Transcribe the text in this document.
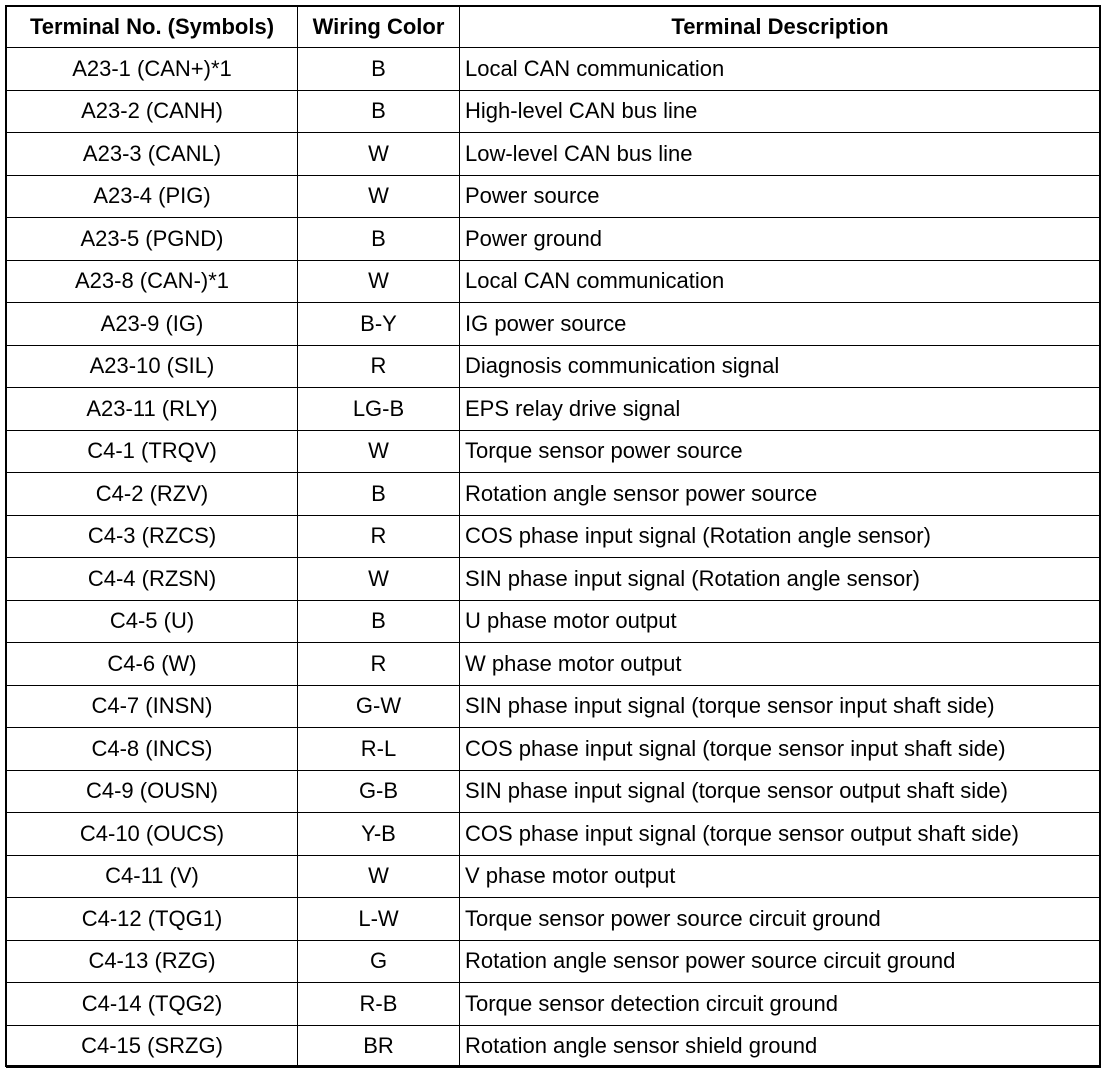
Terminal No. (Symbols)	Wiring Color	Terminal Description
A23-1 (CAN+)*1	B	Local CAN communication
A23-2 (CANH)	B	High-level CAN bus line
A23-3 (CANL)	W	Low-level CAN bus line
A23-4 (PIG)	W	Power source
A23-5 (PGND)	B	Power ground
A23-8 (CAN-)*1	W	Local CAN communication
A23-9 (IG)	B-Y	IG power source
A23-10 (SIL)	R	Diagnosis communication signal
A23-11 (RLY)	LG-B	EPS relay drive signal
C4-1 (TRQV)	W	Torque sensor power source
C4-2 (RZV)	B	Rotation angle sensor power source
C4-3 (RZCS)	R	COS phase input signal (Rotation angle sensor)
C4-4 (RZSN)	W	SIN phase input signal (Rotation angle sensor)
C4-5 (U)	B	U phase motor output
C4-6 (W)	R	W phase motor output
C4-7 (INSN)	G-W	SIN phase input signal (torque sensor input shaft side)
C4-8 (INCS)	R-L	COS phase input signal (torque sensor input shaft side)
C4-9 (OUSN)	G-B	SIN phase input signal (torque sensor output shaft side)
C4-10 (OUCS)	Y-B	COS phase input signal (torque sensor output shaft side)
C4-11 (V)	W	V phase motor output
C4-12 (TQG1)	L-W	Torque sensor power source circuit ground
C4-13 (RZG)	G	Rotation angle sensor power source circuit ground
C4-14 (TQG2)	R-B	Torque sensor detection circuit ground
C4-15 (SRZG)	BR	Rotation angle sensor shield ground
